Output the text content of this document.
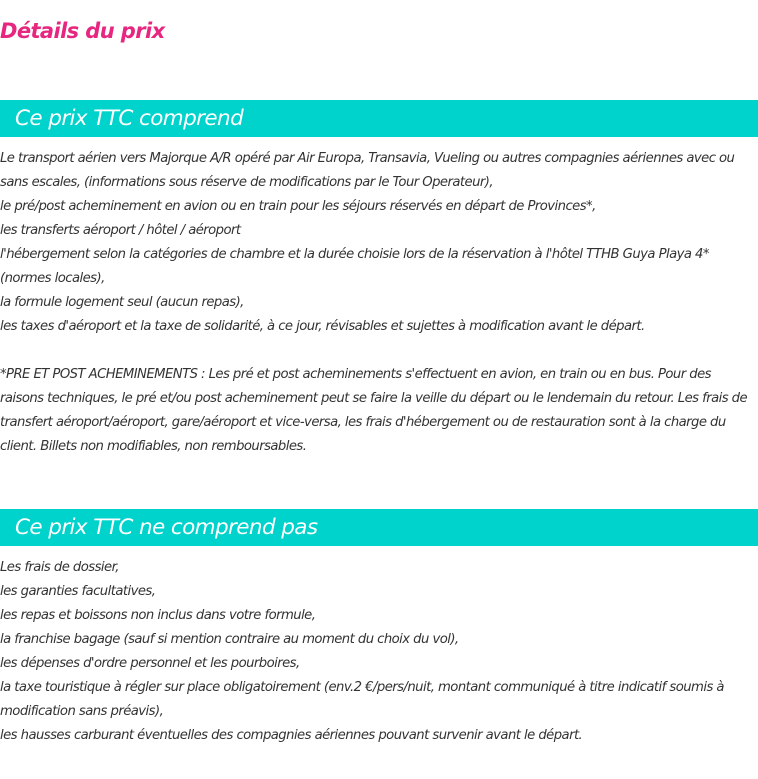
Détails du prix
Ce prix TTC comprend
Le transport aérien vers Majorque A/R opéré par Air Europa, Transavia, Vueling ou autres compagnies aériennes avec ou sans escales, (informations sous réserve de modifications par le Tour Operateur),
le pré/post acheminement en avion ou en train pour les séjours réservés en départ de Provinces*,
les transferts aéroport / hôtel / aéroport
l'hébergement selon la catégories de chambre et la durée choisie lors de la réservation à l'hôtel TTHB Guya Playa 4* (normes locales),
la formule logement seul (aucun repas),
les taxes d'aéroport et la taxe de solidarité, à ce jour, révisables et sujettes à modification avant le départ.
*PRE ET POST ACHEMINEMENTS : Les pré et post acheminements s'effectuent en avion, en train ou en bus. Pour des raisons techniques, le pré et/ou post acheminement peut se faire la veille du départ ou le lendemain du retour. Les frais de transfert aéroport/aéroport, gare/aéroport et vice-versa, les frais d'hébergement ou de restauration sont à la charge du client. Billets non modifiables, non remboursables.
Ce prix TTC ne comprend pas
Les frais de dossier,
les garanties facultatives,
les repas et boissons non inclus dans votre formule,
la franchise bagage (sauf si mention contraire au moment du choix du vol),
les dépenses d'ordre personnel et les pourboires,
la taxe touristique à régler sur place obligatoirement (env.2 €/pers/nuit, montant communiqué à titre indicatif soumis à modification sans préavis),
les hausses carburant éventuelles des compagnies aériennes pouvant survenir avant le départ.
